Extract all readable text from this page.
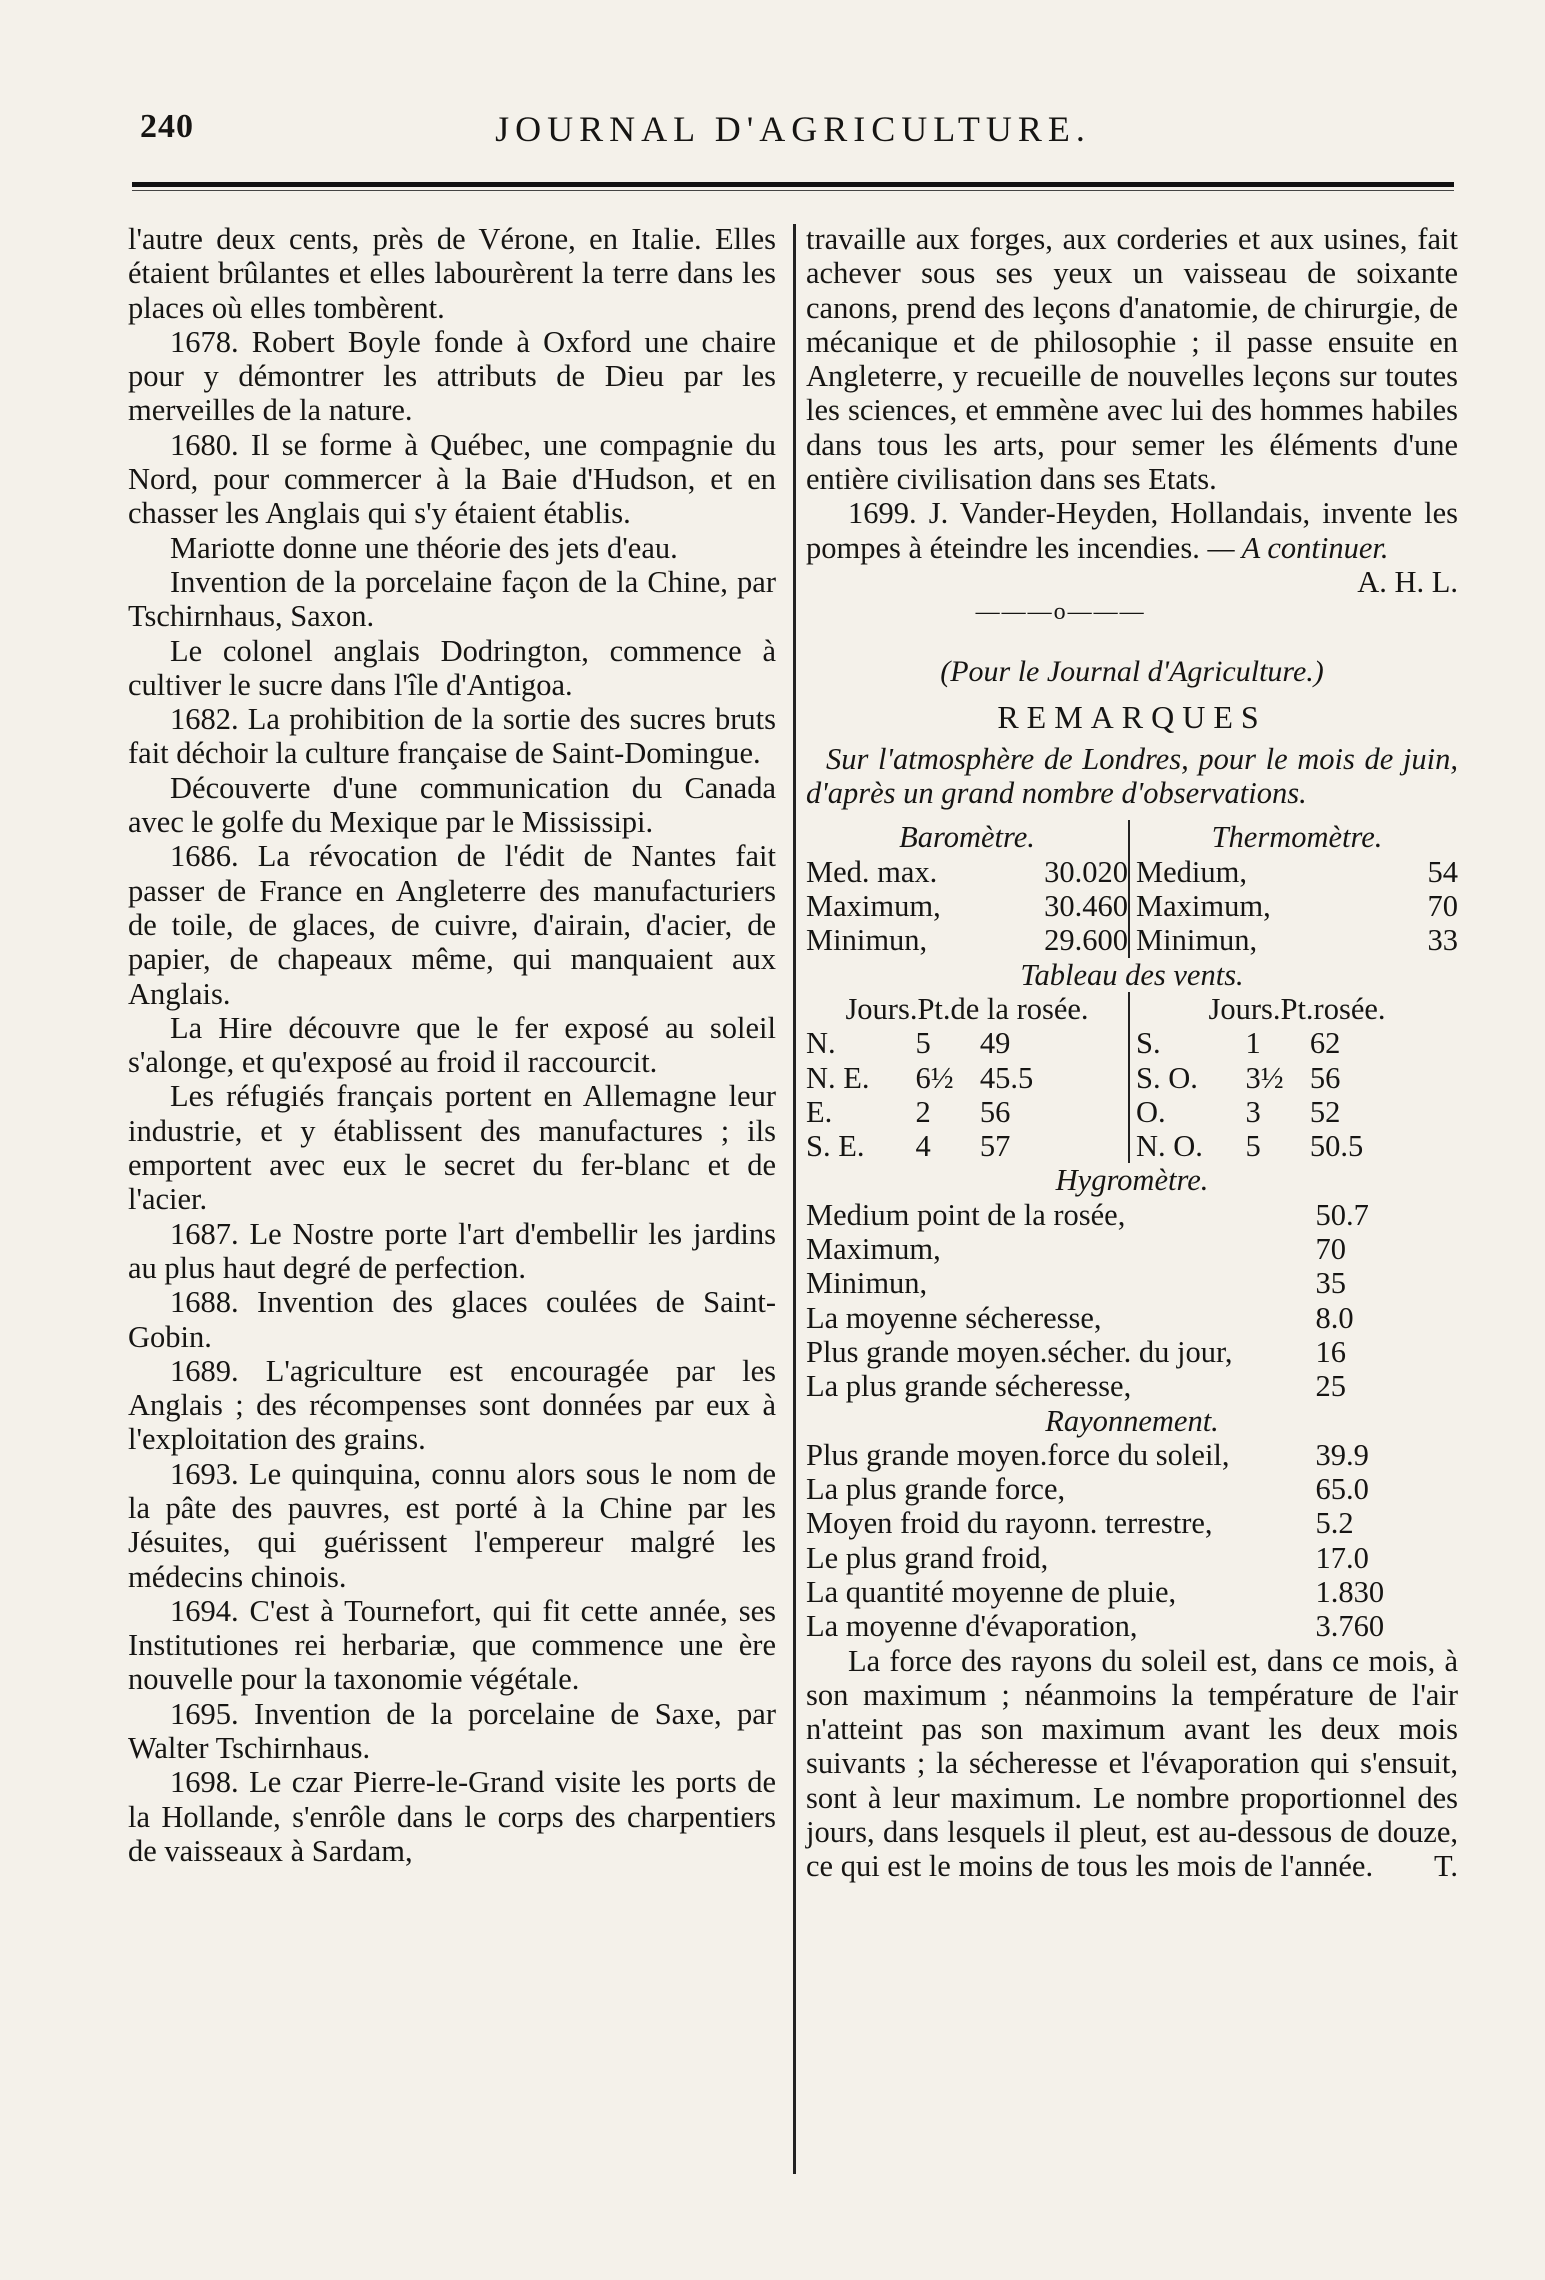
240	JOURNAL D'AGRICULTURE.

l'autre deux cents, près de Vérone, en Italie. Elles étaient brûlantes et elles labourèrent la terre dans les places où elles tombèrent.

1678. Robert Boyle fonde à Oxford une chaire pour y démontrer les attributs de Dieu par les merveilles de la nature.

1680. Il se forme à Québec, une compagnie du Nord, pour commercer à la Baie d'Hudson, et en chasser les Anglais qui s'y étaient établis.

Mariotte donne une théorie des jets d'eau.

Invention de la porcelaine façon de la Chine, par Tschirnhaus, Saxon.

Le colonel anglais Dodrington, commence à cultiver le sucre dans l'île d'Antigoa.

1682. La prohibition de la sortie des sucres bruts fait déchoir la culture française de Saint-Domingue.

Découverte d'une communication du Canada avec le golfe du Mexique par le Mississipi.

1686. La révocation de l'édit de Nantes fait passer de France en Angleterre des manufacturiers de toile, de glaces, de cuivre, d'airain, d'acier, de papier, de chapeaux même, qui manquaient aux Anglais.

La Hire découvre que le fer exposé au soleil s'alonge, et qu'exposé au froid il raccourcit.

Les réfugiés français portent en Allemagne leur industrie, et y établissent des manufactures ; ils emportent avec eux le secret du fer-blanc et de l'acier.

1687. Le Nostre porte l'art d'embellir les jardins au plus haut degré de perfection.

1688. Invention des glaces coulées de Saint-Gobin.

1689. L'agriculture est encouragée par les Anglais ; des récompenses sont données par eux à l'exploitation des grains.

1693. Le quinquina, connu alors sous le nom de la pâte des pauvres, est porté à la Chine par les Jésuites, qui guérissent l'empereur malgré les médecins chinois.

1694. C'est à Tournefort, qui fit cette année, ses Institutiones rei herbariæ, que commence une ère nouvelle pour la taxonomie végétale.

1695. Invention de la porcelaine de Saxe, par Walter Tschirnhaus.

1698. Le czar Pierre-le-Grand visite les ports de la Hollande, s'enrôle dans le corps des charpentiers de vaisseaux à Sardam,

travaille aux forges, aux corderies et aux usines, fait achever sous ses yeux un vaisseau de soixante canons, prend des leçons d'anatomie, de chirurgie, de mécanique et de philosophie ; il passe ensuite en Angleterre, y recueille de nouvelles leçons sur toutes les sciences, et emmène avec lui des hommes habiles dans tous les arts, pour semer les éléments d'une entière civilisation dans ses Etats.

1699. J. Vander-Heyden, Hollandais, invente les pompes à éteindre les incendies. — A continuer.
A. H. L.

———o———
(Pour le Journal d'Agriculture.)
REMARQUES

Sur l'atmosphère de Londres, pour le mois de juin, d'après un grand nombre d'observations.

Baromètre.
Med. max.	30.020
Maximum,	30.460
Minimun,	29.600
Thermomètre.
Medium,	54
Maximum,	70
Minimun,	33
Tableau des vents.
Jours.Pt.de la rosée.
N.	5	49
N. E.	6½ 45.5
E.	2	56
S. E.	4	57
Jours.Pt.rosée.
S.	1	62
S. O.	3½ 56
O.	3	52
N. O.	5	50.5
Hygromètre.
Medium point de la rosée,	50.7
Maximum,	70
Minimun,	35
La moyenne sécheresse,	8.0
Plus grande moyen.sécher. du jour,	16
La plus grande sécheresse,	25
Rayonnement.
Plus grande moyen.force du soleil,	39.9
La plus grande force,	65.0
Moyen froid du rayonn. terrestre,	5.2
Le plus grand froid,	17.0
La quantité moyenne de pluie,	1.830
La moyenne d'évaporation,	3.760

La force des rayons du soleil est, dans ce mois, à son maximum ; néanmoins la température de l'air n'atteint pas son maximum avant les deux mois suivants ; la sécheresse et l'évaporation qui s'ensuit, sont à leur maximum. Le nombre proportionnel des jours, dans lesquels il pleut, est au-dessous de douze, ce qui est le moins de tous les mois de l'année.	T.
